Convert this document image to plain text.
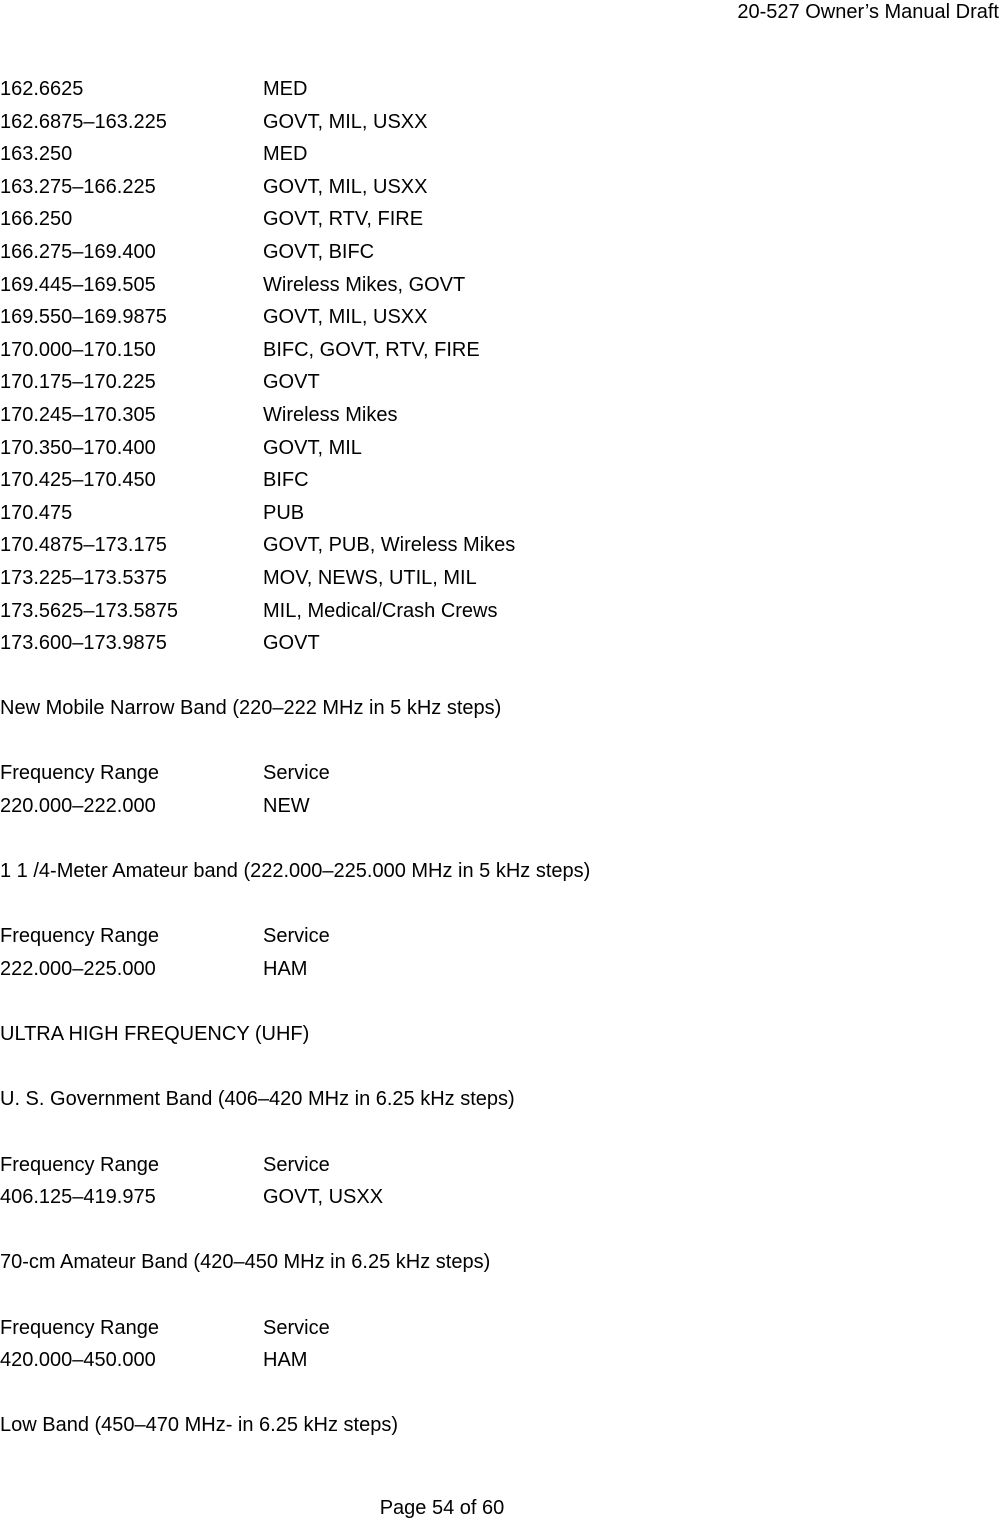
20-527 Owner’s Manual Draft
162.6625	MED
162.6875–163.225	GOVT, MIL, USXX
163.250	MED
163.275–166.225	GOVT, MIL, USXX
166.250	GOVT, RTV, FIRE
166.275–169.400	GOVT, BIFC
169.445–169.505	Wireless Mikes, GOVT
169.550–169.9875	GOVT, MIL, USXX
170.000–170.150	BIFC, GOVT, RTV, FIRE
170.175–170.225	GOVT
170.245–170.305	Wireless Mikes
170.350–170.400	GOVT, MIL
170.425–170.450	BIFC
170.475	PUB
170.4875–173.175	GOVT, PUB, Wireless Mikes
173.225–173.5375	MOV, NEWS, UTIL, MIL
173.5625–173.5875	MIL, Medical/Crash Crews
173.600–173.9875	GOVT
New Mobile Narrow Band (220–222 MHz in 5 kHz steps)
Frequency Range	Service
220.000–222.000	NEW
1 1 /4-Meter Amateur band (222.000–225.000 MHz in 5 kHz steps)
Frequency Range	Service
222.000–225.000	HAM
ULTRA HIGH FREQUENCY (UHF)
U. S. Government Band (406–420 MHz in 6.25 kHz steps)
Frequency Range	Service
406.125–419.975	GOVT, USXX
70-cm Amateur Band (420–450 MHz in 6.25 kHz steps)
Frequency Range	Service
420.000–450.000	HAM
Low Band (450–470 MHz- in 6.25 kHz steps)
Page 54 of 60
